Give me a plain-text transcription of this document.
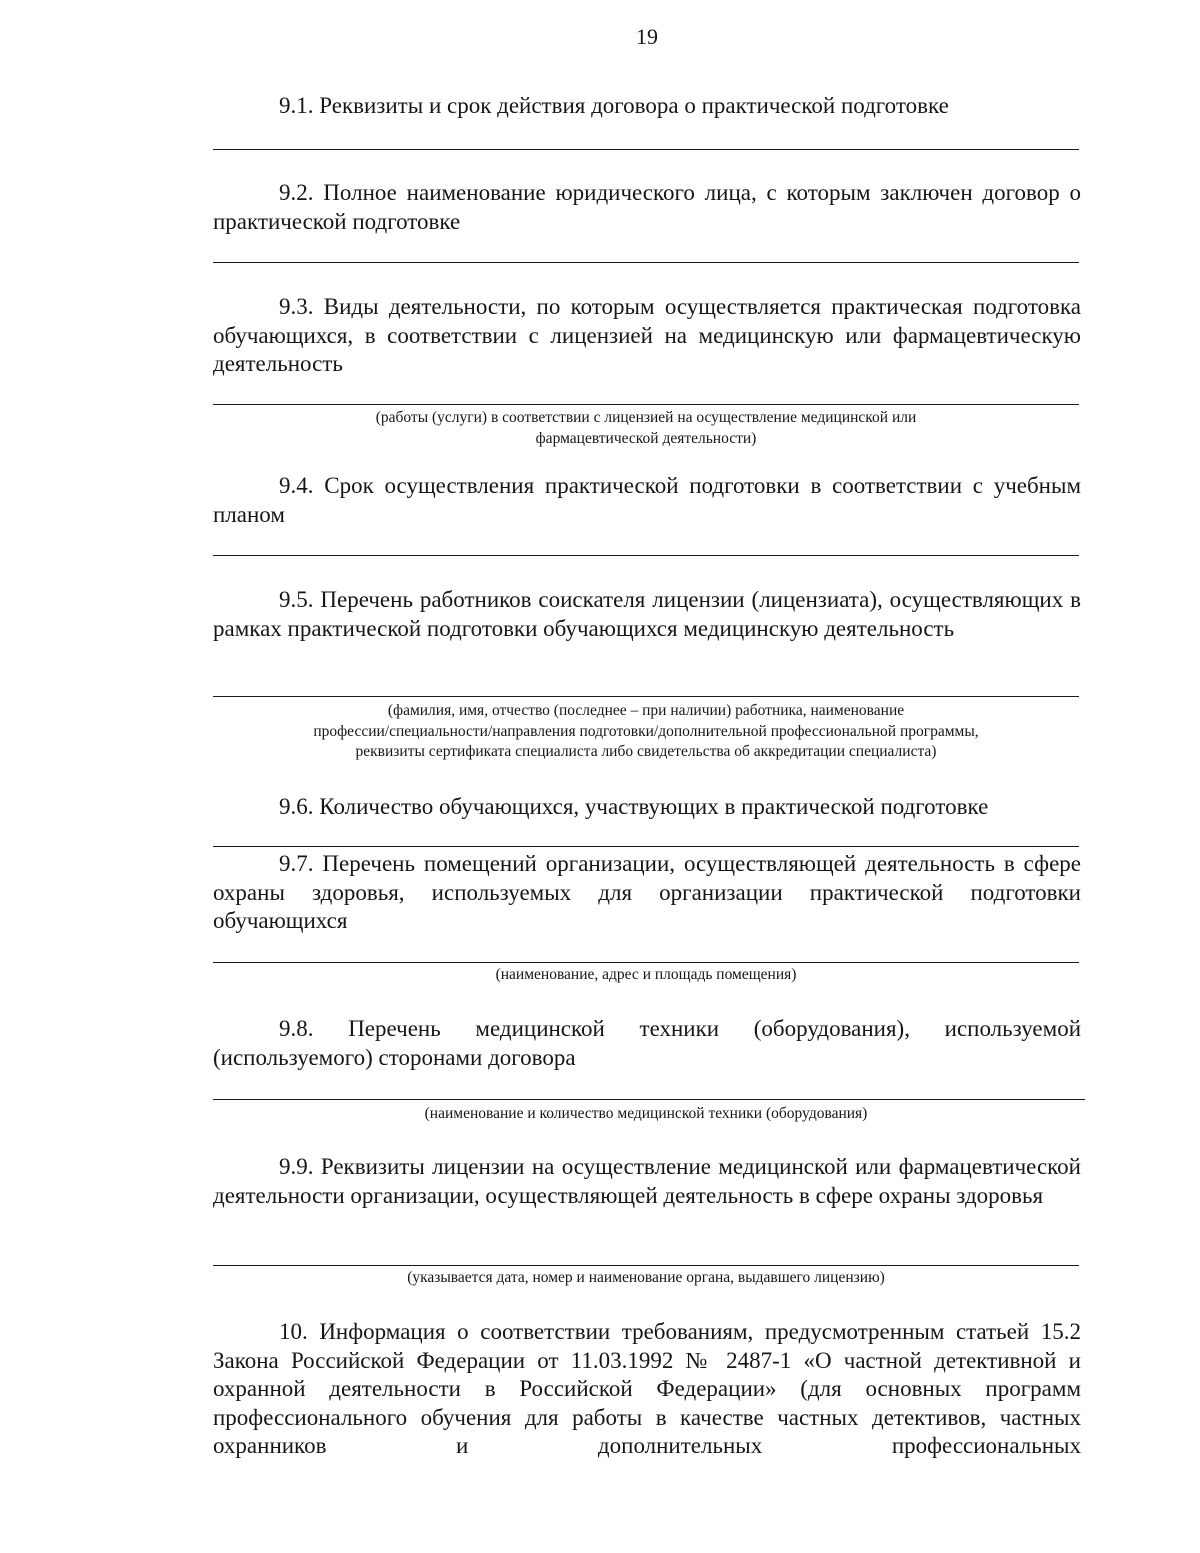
19

9.1. Реквизиты и срок действия договора о практической подготовке

9.2. Полное наименование юридического лица, с которым заключен договор о практической подготовке

9.3. Виды деятельности, по которым осуществляется практическая подготовка обучающихся, в соответствии с лицензией на медицинскую или фармацевтическую деятельность

(работы (услуги) в соответствии с лицензией на осуществление медицинской или
фармацевтической деятельности)

9.4. Срок осуществления практической подготовки в соответствии с учебным планом

9.5. Перечень работников соискателя лицензии (лицензиата), осуществляющих в рамках практической подготовки обучающихся медицинскую деятельность

(фамилия, имя, отчество (последнее – при наличии) работника, наименование
профессии/специальности/направления подготовки/дополнительной профессиональной программы,
реквизиты сертификата специалиста либо свидетельства об аккредитации специалиста)

9.6. Количество обучающихся, участвующих в практической подготовке

9.7. Перечень помещений организации, осуществляющей деятельность в сфере охраны здоровья, используемых для организации практической подготовки обучающихся

(наименование, адрес и площадь помещения)

9.8. Перечень медицинской техники (оборудования), используемой (используемого) сторонами договора

(наименование и количество медицинской техники (оборудования)

9.9. Реквизиты лицензии на осуществление медицинской или фармацевтической деятельности организации, осуществляющей деятельность в сфере охраны здоровья

(указывается дата, номер и наименование органа, выдавшего лицензию)

10. Информация о соответствии требованиям, предусмотренным статьей 15.2 Закона Российской Федерации от 11.03.1992 № 2487-1 «О частной детективной и охранной деятельности в Российской Федерации» (для основных программ профессионального обучения для работы в качестве частных детективов, частных охранников и дополнительных профессиональных
